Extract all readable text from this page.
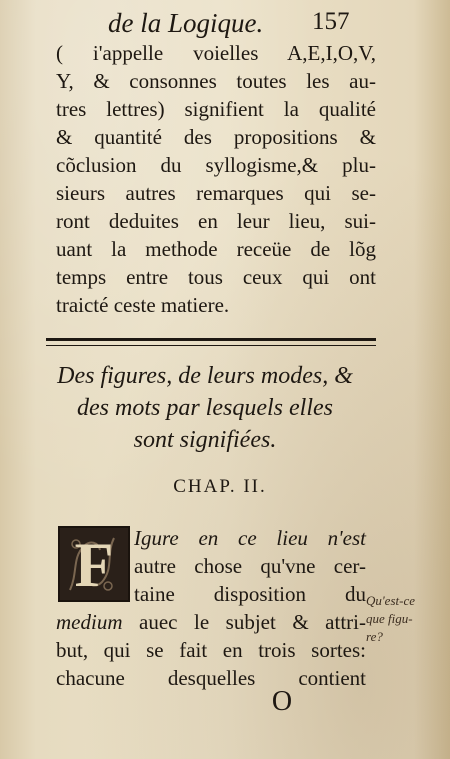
de la Logique. 157
( i'appelle voielles A,E,I,O,V,
Y, & consonnes toutes les au-
tres lettres) signifient la qualité
& quantité des propositions &
cõclusion du syllogisme,& plu-
sieurs autres remarques qui se-
ront deduites en leur lieu, sui-
uant la methode receüe de lõg
temps entre tous ceux qui ont
traicté ceste matiere.
Des figures, de leurs modes, &
des mots par lesquels elles
sont signifiées.
CHAP. II.
F Igure en ce lieu n'est
autre chose qu'vne cer-
taine disposition du
medium auec le subjet & attri-
but, qui se fait en trois sortes:
chacune desquelles contient
Qu'est-ce
que figu-
re?
O
